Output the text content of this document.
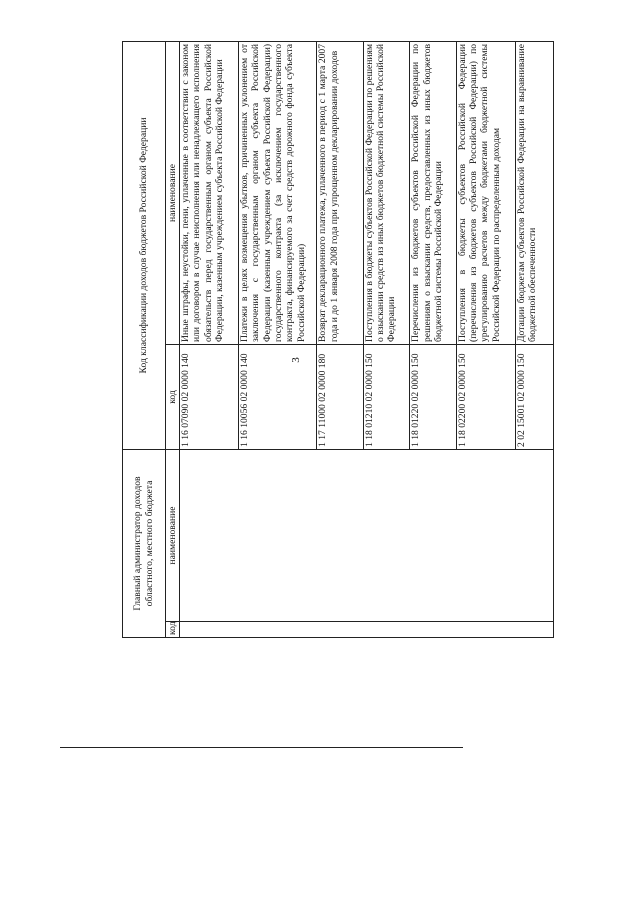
3
Главный администратор доходов областного, местного бюджета		Код классификации доходов бюджетов Российской Федерации	

код	наименование	код	наименование
		1 16 07090 02 0000 140	Иные штрафы, неустойки, пени, уплаченные в соответствии с законом или договором в случае неисполнения или ненадлежащего исполнения обязательств перед государственным органом субъекта Российской Федерации, казенным учреждением субъекта Российской Федерации
		1 16 10056 02 0000 140	Платежи в целях возмещения убытков, причиненных уклонением от заключения с государственным органом субъекта Российской Федерации (казенным учреждением субъекта Российской Федерации) государственного контракта (за исключением государственного контракта, финансируемого за счет средств дорожного фонда субъекта Российской Федерации)
		1 17 11000 02 0000 180	Возврат декларационного платежа, уплаченного в период с 1 марта 2007 года и до 1 января 2008 года при упрощенном декларировании доходов
		1 18 01210 02 0000 150	Поступления в бюджеты субъектов Российской Федерации по решениям о взыскании средств из иных бюджетов бюджетной системы Российской Федерации
		1 18 01220 02 0000 150	Перечисления из бюджетов субъектов Российской Федерации по решениям о взыскании средств, предоставленных из иных бюджетов бюджетной системы Российской Федерации
		1 18 02200 02 0000 150	Поступления в бюджеты субъектов Российской Федерации (перечисления из бюджетов субъектов Российской Федерации) по урегулированию расчетов между бюджетами бюджетной системы Российской Федерации по распределенным доходам
		2 02 15001 02 0000 150	Дотации бюджетам субъектов Российской Федерации на выравнивание бюджетной обеспеченности
